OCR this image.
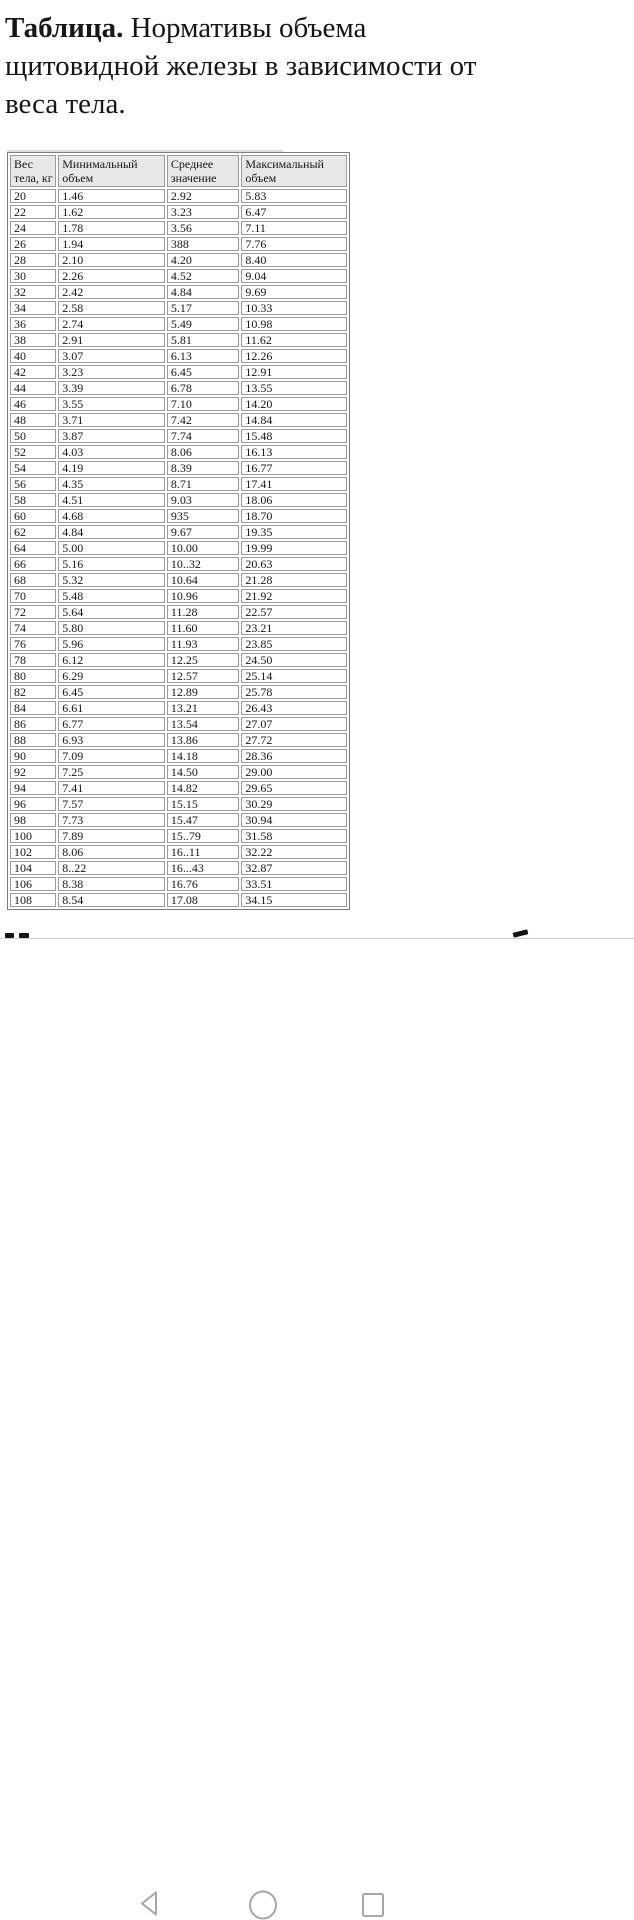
Таблица. Нормативы объема
щитовидной железы в зависимости от
веса тела.
Вес тела, кг	Минимальный объем	Среднее значение	Максимальный объем
20	1.46	2.92	5.83
22	1.62	3.23	6.47
24	1.78	3.56	7.11
26	1.94	388	7.76
28	2.10	4.20	8.40
30	2.26	4.52	9.04
32	2.42	4.84	9.69
34	2.58	5.17	10.33
36	2.74	5.49	10.98
38	2.91	5.81	11.62
40	3.07	6.13	12.26
42	3.23	6.45	12.91
44	3.39	6.78	13.55
46	3.55	7.10	14.20
48	3.71	7.42	14.84
50	3.87	7.74	15.48
52	4.03	8.06	16.13
54	4.19	8.39	16.77
56	4.35	8.71	17.41
58	4.51	9.03	18.06
60	4.68	935	18.70
62	4.84	9.67	19.35
64	5.00	10.00	19.99
66	5.16	10..32	20.63
68	5.32	10.64	21.28
70	5.48	10.96	21.92
72	5.64	11.28	22.57
74	5.80	11.60	23.21
76	5.96	11.93	23.85
78	6.12	12.25	24.50
80	6.29	12.57	25.14
82	6.45	12.89	25.78
84	6.61	13.21	26.43
86	6.77	13.54	27.07
88	6.93	13.86	27.72
90	7.09	14.18	28.36
92	7.25	14.50	29.00
94	7.41	14.82	29.65
96	7.57	15.15	30.29
98	7.73	15.47	30.94
100	7.89	15..79	31.58
102	8.06	16..11	32.22
104	8..22	16...43	32.87
106	8.38	16.76	33.51
108	8.54	17.08	34.15
